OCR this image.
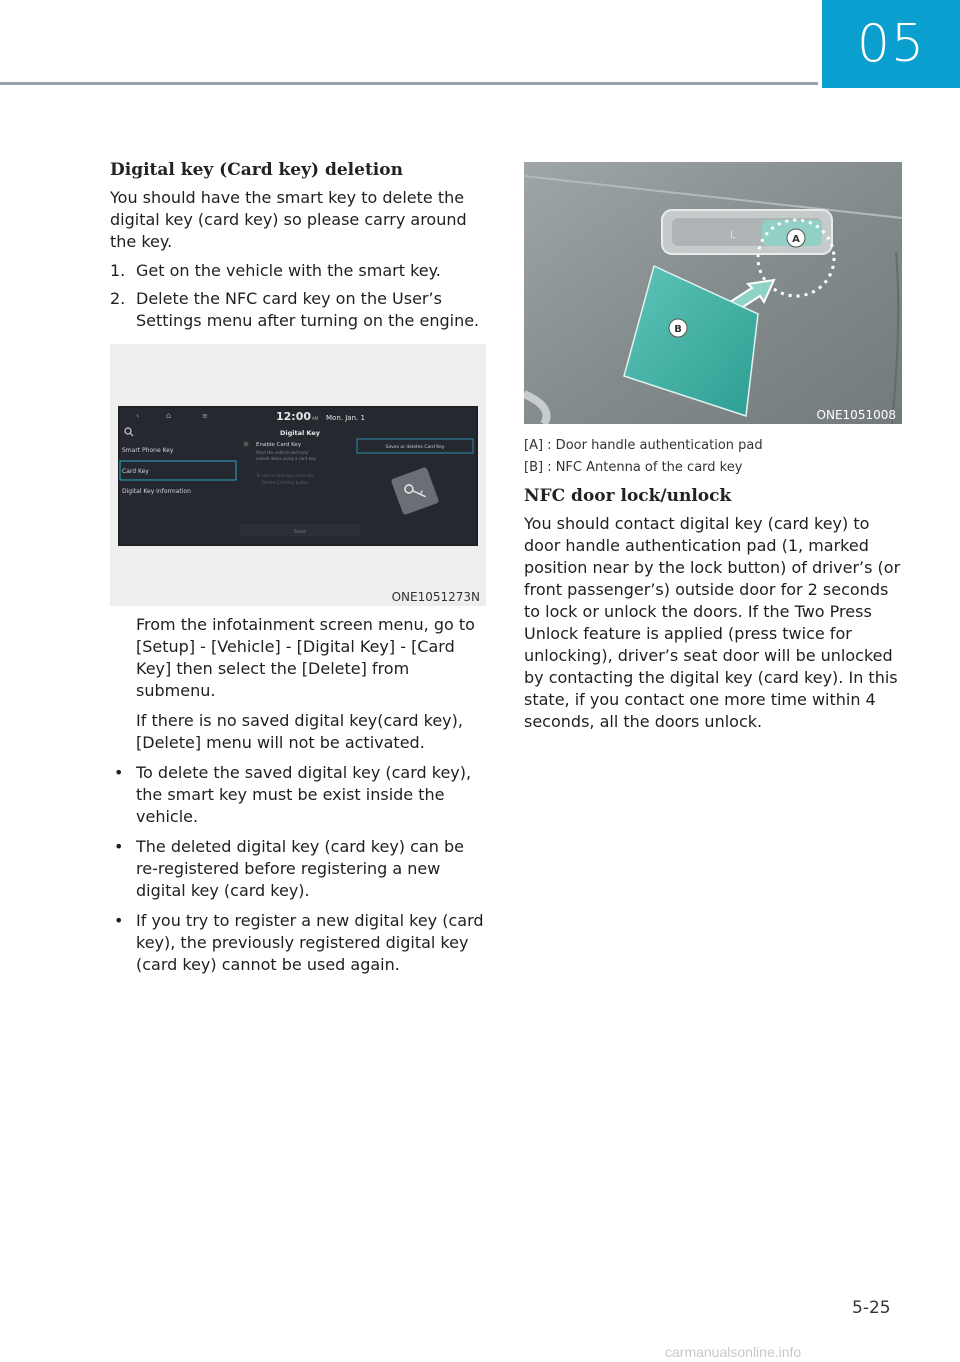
05
Digital key (Card key) deletion

You should have the smart key to delete the digital key (card key) so please carry around the key.

1. Get on the vehicle with the smart key.
2. Delete the NFC card key on the User’s Settings menu after turning on the engine.
‹	⌂	≡	12:00 AM Mon. Jan. 1
Digital Key
Smart Phone Key
Card Key
Digital Key Information
Enable Card Key
Start the vehicle and lock/
unlock doors using a card key.
To save a card key, enter the
Delete Card Key button
Saves or deletes Card Key
Save
ONE1051273N

From the infotainment screen menu, go to [Setup] - [Vehicle] - [Digital Key] - [Card Key] then select the [Delete] from submenu.

If there is no saved digital key(card key), [Delete] menu will not be activated.

• To delete the saved digital key (card key), the smart key must be exist inside the vehicle.
• The deleted digital key (card key) can be re-registered before registering a new digital key (card key).
• If you try to register a new digital key (card key), the previously registered digital key (card key) cannot be used again.
L	A
B
ONE1051008

[A] : Door handle authentication pad

[B] : NFC Antenna of the card key

NFC door lock/unlock

You should contact digital key (card key) to door handle authentication pad (1, marked position near by the lock button) of driver’s (or front passenger’s) outside door for 2 seconds to lock or unlock the doors. If the Two Press Unlock feature is applied (press twice for unlocking), driver’s seat door will be unlocked by contacting the digital key (card key). In this state, if you contact one more time within 4 seconds, all the doors unlock.

5-25
carmanualsonline.info
